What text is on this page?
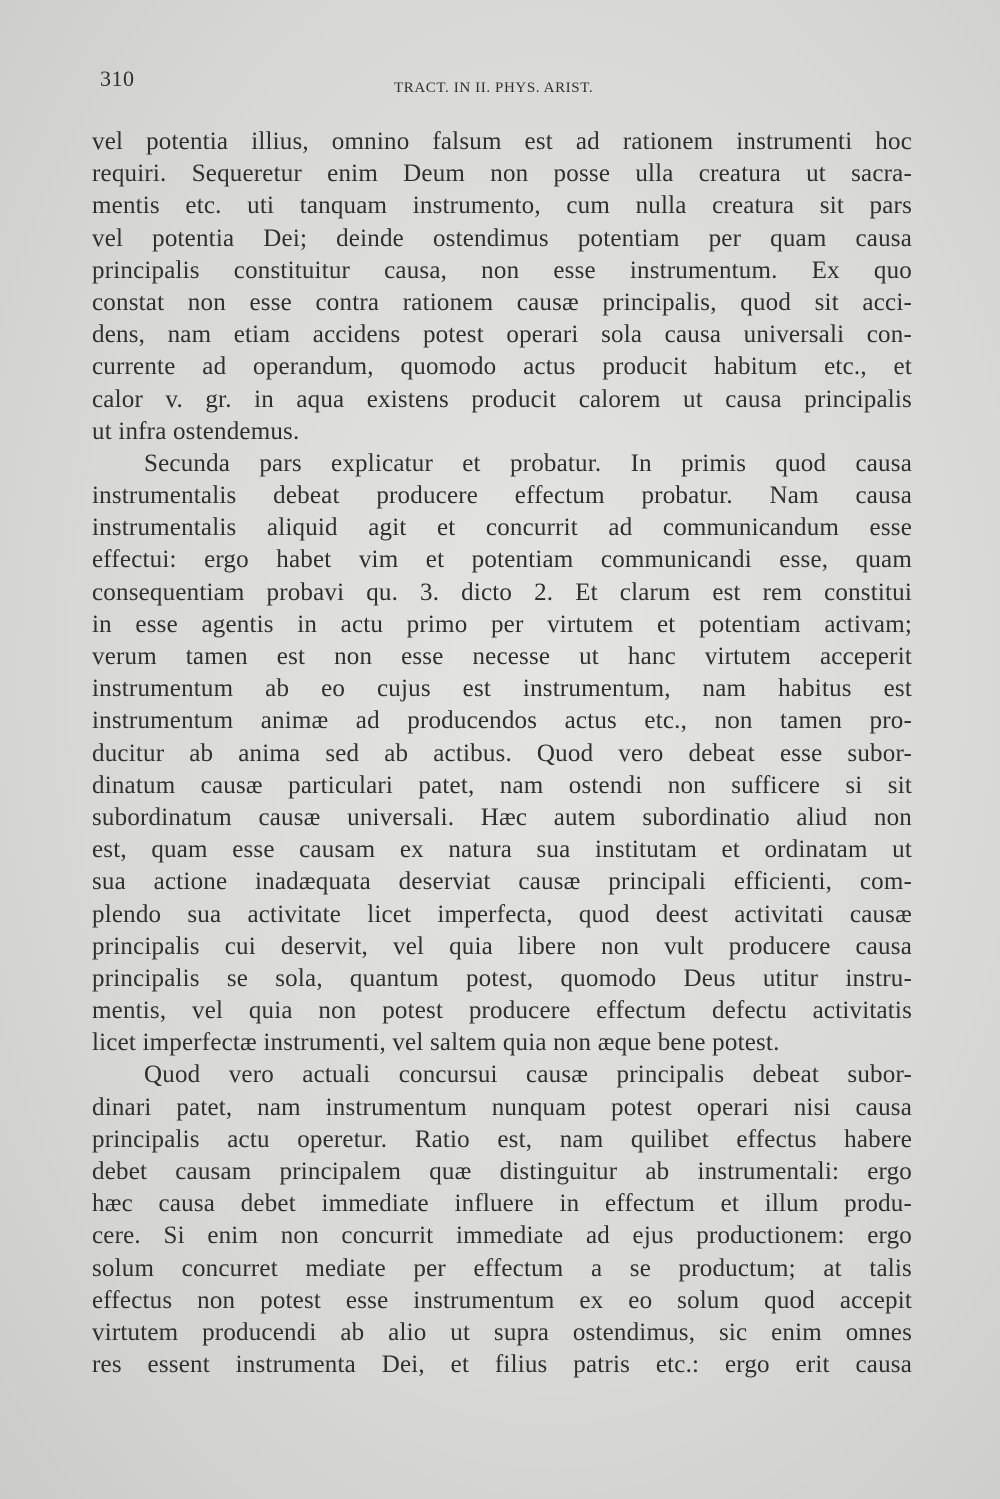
310	TRACT. IN II. PHYS. ARIST.
vel potentia illius, omnino falsum est ad rationem instrumenti hoc
requiri. Sequeretur enim Deum non posse ulla creatura ut sacra-
mentis etc. uti tanquam instrumento, cum nulla creatura sit pars
vel potentia Dei; deinde ostendimus potentiam per quam causa
principalis constituitur causa, non esse instrumentum. Ex quo
constat non esse contra rationem causæ principalis, quod sit acci-
dens, nam etiam accidens potest operari sola causa universali con-
currente ad operandum, quomodo actus producit habitum etc., et
calor v. gr. in aqua existens producit calorem ut causa principalis
ut infra ostendemus.
Secunda pars explicatur et probatur. In primis quod causa
instrumentalis debeat producere effectum probatur. Nam causa
instrumentalis aliquid agit et concurrit ad communicandum esse
effectui: ergo habet vim et potentiam communicandi esse, quam
consequentiam probavi qu. 3. dicto 2. Et clarum est rem constitui
in esse agentis in actu primo per virtutem et potentiam activam;
verum tamen est non esse necesse ut hanc virtutem acceperit
instrumentum ab eo cujus est instrumentum, nam habitus est
instrumentum animæ ad producendos actus etc., non tamen pro-
ducitur ab anima sed ab actibus. Quod vero debeat esse subor-
dinatum causæ particulari patet, nam ostendi non sufficere si sit
subordinatum causæ universali. Hæc autem subordinatio aliud non
est, quam esse causam ex natura sua institutam et ordinatam ut
sua actione inadæquata deserviat causæ principali efficienti, com-
plendo sua activitate licet imperfecta, quod deest activitati causæ
principalis cui deservit, vel quia libere non vult producere causa
principalis se sola, quantum potest, quomodo Deus utitur instru-
mentis, vel quia non potest producere effectum defectu activitatis
licet imperfectæ instrumenti, vel saltem quia non æque bene potest.
Quod vero actuali concursui causæ principalis debeat subor-
dinari patet, nam instrumentum nunquam potest operari nisi causa
principalis actu operetur. Ratio est, nam quilibet effectus habere
debet causam principalem quæ distinguitur ab instrumentali: ergo
hæc causa debet immediate influere in effectum et illum produ-
cere. Si enim non concurrit immediate ad ejus productionem: ergo
solum concurret mediate per effectum a se productum; at talis
effectus non potest esse instrumentum ex eo solum quod accepit
virtutem producendi ab alio ut supra ostendimus, sic enim omnes
res essent instrumenta Dei, et filius patris etc.: ergo erit causa
